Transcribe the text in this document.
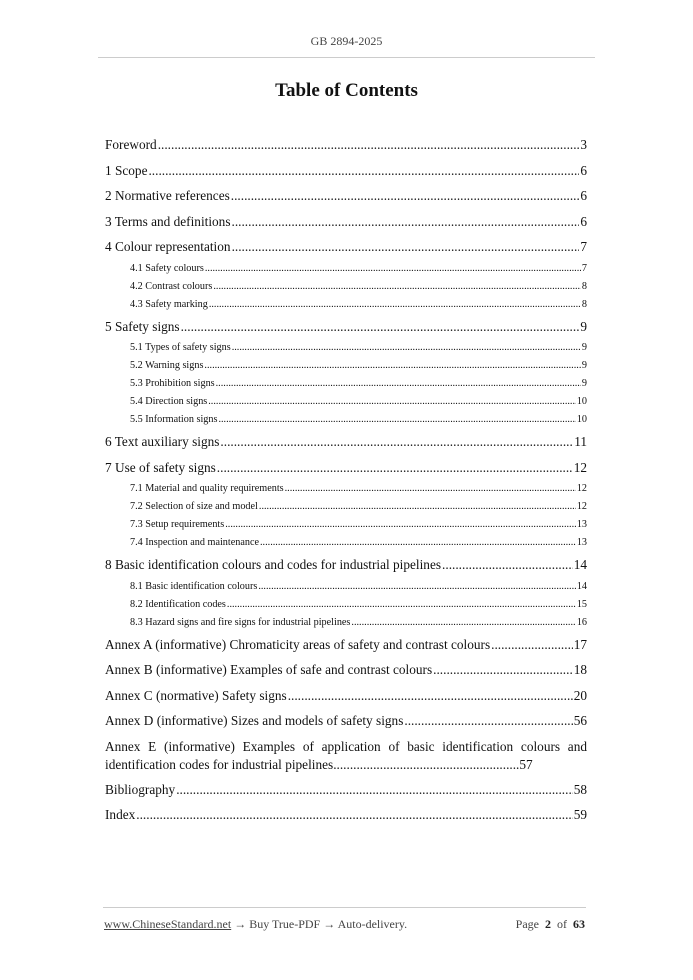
GB 2894-2025
Table of Contents
Foreword .....	3
1 Scope .....	6
2 Normative references .....	6
3 Terms and definitions .....	6
4 Colour representation .....	7
4.1 Safety colours .....	7
4.2 Contrast colours .....	8
4.3 Safety marking .....	8
5 Safety signs .....	9
5.1 Types of safety signs .....	9
5.2 Warning signs .....	9
5.3 Prohibition signs .....	9
5.4 Direction signs .....	10
5.5 Information signs .....	10
6 Text auxiliary signs .....	11
7 Use of safety signs .....	12
7.1 Material and quality requirements .....	12
7.2 Selection of size and model .....	12
7.3 Setup requirements .....	13
7.4 Inspection and maintenance .....	13
8 Basic identification colours and codes for industrial pipelines .....	14
8.1 Basic identification colours .....	14
8.2 Identification codes .....	15
8.3 Hazard signs and fire signs for industrial pipelines .....	16
Annex A (informative) Chromaticity areas of safety and contrast colours .....	17
Annex B (informative) Examples of safe and contrast colours .....	18
Annex C (normative) Safety signs .....	20
Annex D (informative) Sizes and models of safety signs .....	56
Annex E (informative) Examples of application of basic identification colours and identification codes for industrial pipelines........................................................57
Bibliography .....	58
Index .....	59
www.ChineseStandard.net → Buy True-PDF → Auto-delivery.	Page 2 of 63
